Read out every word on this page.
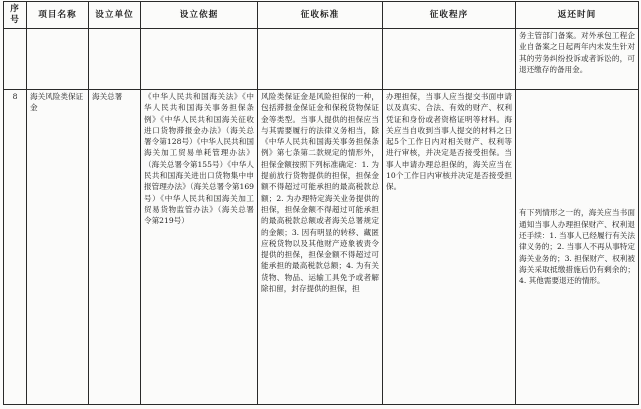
序号	项目名称	设立单位	设立依据	征收标准	征收程序	返还时间
						务主管部门备案。对外承包工程企业自备案之日起两年内未发生针对其的劳务纠纷投诉或者诉讼的，可退还缴存的备用金。
8	海关风险类保证金	海关总署	《中华人民共和国海关法》《中华人民共和国海关事务担保条例》《中华人民共和国海关征收进口货物滞报金办法》（海关总署令第128号）《中华人民共和国海关加工贸易单耗管理办法》（海关总署令第155号）《中华人民共和国海关进出口货物集中申报管理办法》（海关总署令第169号）《中华人民共和国海关加工贸易货物监管办法》（海关总署令第219号）	风险类保证金是风险担保的一种，包括滞报金保证金和保税货物保证金等类型。当事人提供的担保应当与其需要履行的法律义务相当，除《中华人民共和国海关事务担保条例》第七条第二款规定的情形外，担保金额按照下列标准确定：1. 为提前放行货物提供的担保，担保金额不得超过可能承担的最高税款总额；2. 为办理特定海关业务提供的担保，担保金额不得超过可能承担的最高税款总额或者海关总署规定的金额；3. 因有明显的转移、藏匿应税货物以及其他财产迹象被责令提供的担保，担保金额不得超过可能承担的最高税款总额；4. 为有关货物、物品、运输工具免予或者解除扣留，封存提供的担保，担	办理担保，当事人应当提交书面申请以及真实、合法、有效的财产、权利凭证和身份或者资格证明等材料。海关应当自收到当事人提交的材料之日起5个工作日内对相关财产、权利等进行审核，并决定是否接受担保。当事人申请办理总担保的，海关应当在10个工作日内审核并决定是否接受担保。	有下列情形之一的，海关应当书面通知当事人办理担保财产、权利退还手续：1. 当事人已经履行有关法律义务的；2. 当事人不再从事特定海关业务的；3. 担保财产、权利被海关采取抵缴措施后仍有剩余的；4. 其他需要退还的情形。
